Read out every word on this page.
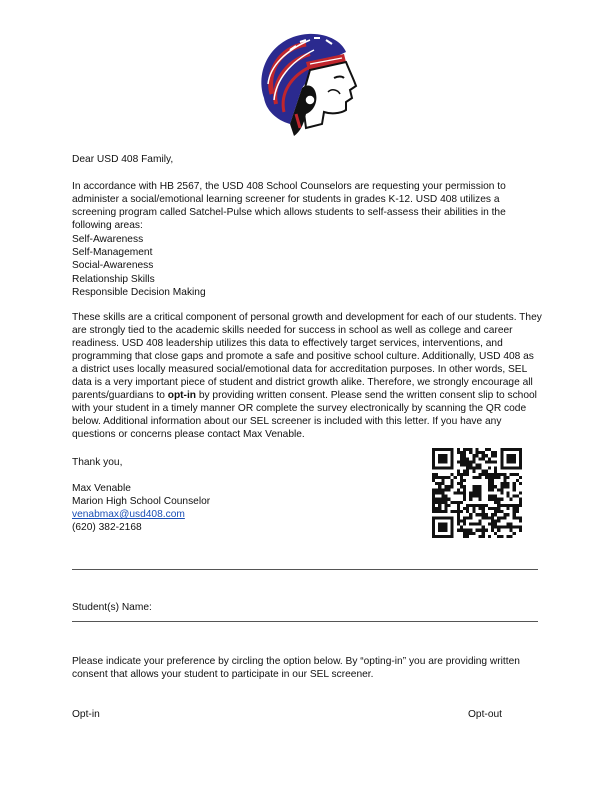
Dear USD 408 Family,

In accordance with HB 2567, the USD 408 School Counselors are requesting your permission to administer a social/emotional learning screener for students in grades K-12. USD 408 utilizes a screening program called Satchel-Pulse which allows students to self-assess their abilities in the following areas:

Self-Awareness
Self-Management
Social-Awareness
Relationship Skills
Responsible Decision Making

These skills are a critical component of personal growth and development for each of our students. They are strongly tied to the academic skills needed for success in school as well as college and career readiness. USD 408 leadership utilizes this data to effectively target services, interventions, and programming that close gaps and promote a safe and positive school culture. Additionally, USD 408 as a district uses locally measured social/emotional data for accreditation purposes. In other words, SEL data is a very important piece of student and district growth alike. Therefore, we strongly encourage all parents/guardians to opt-in by providing written consent. Please send the written consent slip to school with your student in a timely manner OR complete the survey electronically by scanning the QR code below. Additional information about our SEL screener is included with this letter. If you have any questions or concerns please contact Max Venable.

Thank you,
Max Venable
Marion High School Counselor
venabmax@usd408.com
(620) 382-2168
Student(s) Name:

Please indicate your preference by circling the option below. By “opting-in” you are providing written consent that allows your student to participate in our SEL screener.

Opt-in	Opt-out
